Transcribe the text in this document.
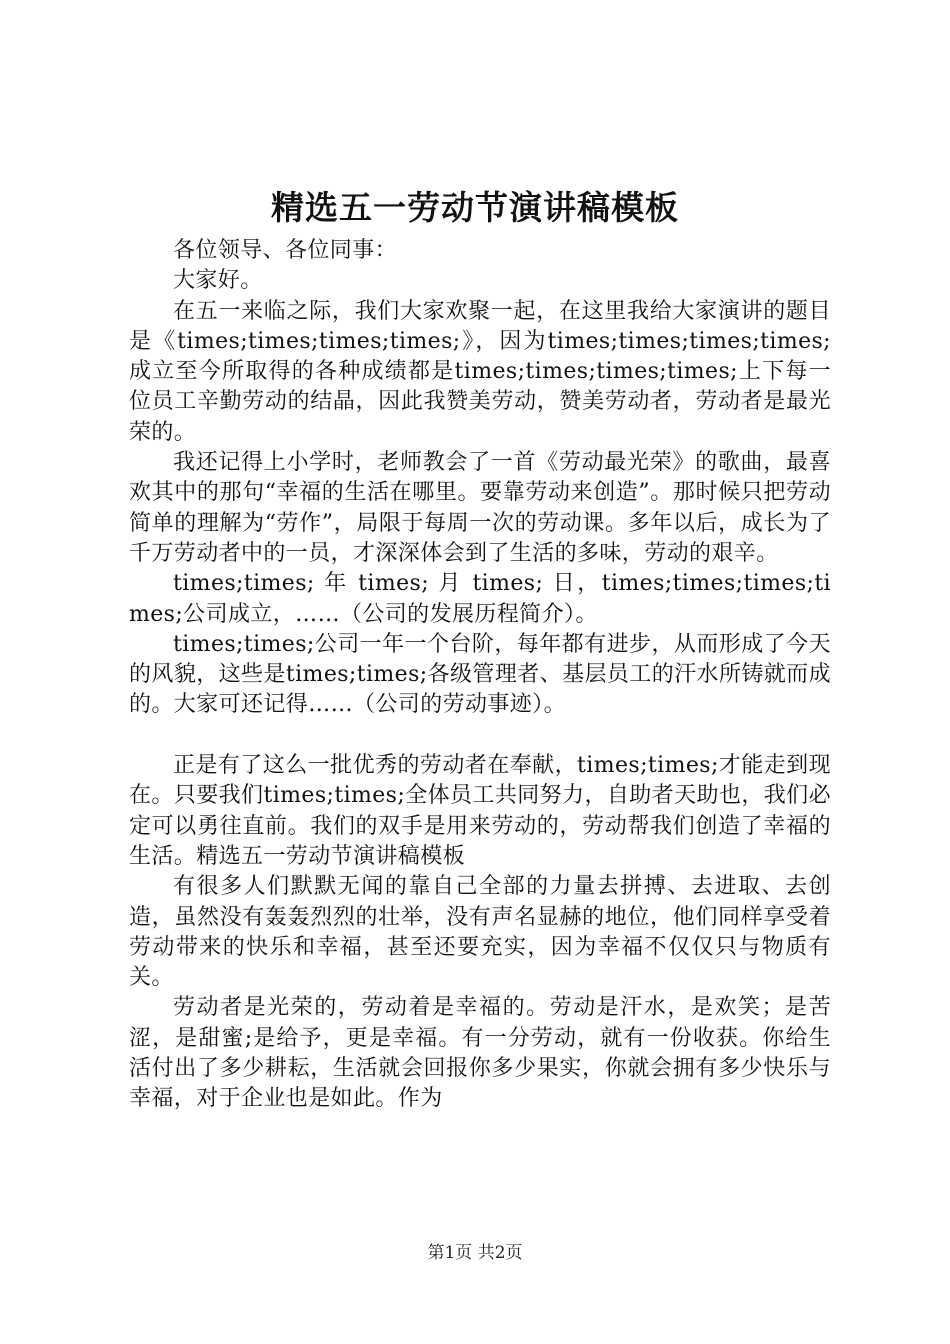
精选五一劳动节演讲稿模板

各位领导、各位同事：

大家好。

在五一来临之际，我们大家欢聚一起，在这里我给大家演讲的题目是《times;times;times;times;》，因为times;times;times;times;成立至今所取得的各种成绩都是times;times;times;times;上下每一位员工辛勤劳动的结晶，因此我赞美劳动，赞美劳动者，劳动者是最光荣的。

我还记得上小学时，老师教会了一首《劳动最光荣》的歌曲，最喜欢其中的那句“幸福的生活在哪里。要靠劳动来创造”。那时候只把劳动简单的理解为“劳作”，局限于每周一次的劳动课。多年以后，成长为了千万劳动者中的一员，才深深体会到了生活的多味，劳动的艰辛。

times;times; 年 times; 月 times; 日，times;times;times;times;公司成立，……（公司的发展历程简介）。

times;times;公司一年一个台阶，每年都有进步，从而形成了今天的风貌，这些是times;times;各级管理者、基层员工的汗水所铸就而成的。大家可还记得……（公司的劳动事迹）。

正是有了这么一批优秀的劳动者在奉献，times;times;才能走到现在。只要我们times;times;全体员工共同努力，自助者天助也，我们必定可以勇往直前。我们的双手是用来劳动的，劳动帮我们创造了幸福的生活。精选五一劳动节演讲稿模板

有很多人们默默无闻的靠自己全部的力量去拼搏、去进取、去创造，虽然没有轰轰烈烈的壮举，没有声名显赫的地位，他们同样享受着劳动带来的快乐和幸福，甚至还要充实，因为幸福不仅仅只与物质有关。

劳动者是光荣的，劳动着是幸福的。劳动是汗水，是欢笑；是苦涩，是甜蜜;是给予，更是幸福。有一分劳动，就有一份收获。你给生活付出了多少耕耘，生活就会回报你多少果实，你就会拥有多少快乐与幸福，对于企业也是如此。作为

第1页 共2页
